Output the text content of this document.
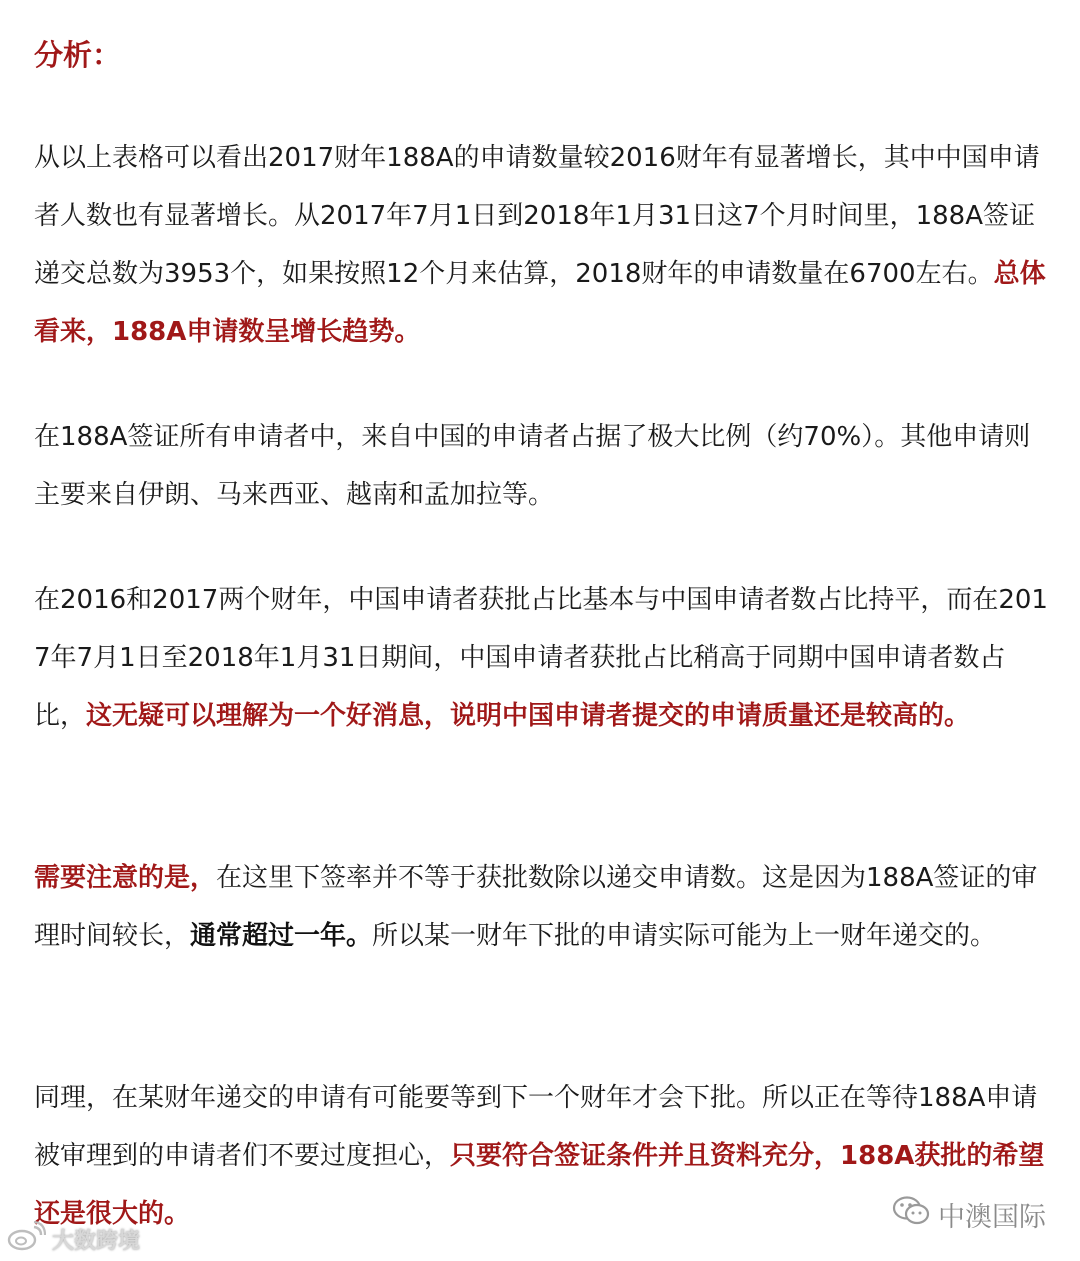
分析：

从以上表格可以看出2017财年188A的申请数量较2016财年有显著增长，其中中国申请者人数也有显著增长。从2017年7月1日到2018年1月31日这7个月时间里，188A签证递交总数为3953个，如果按照12个月来估算，2018财年的申请数量在6700左右。总体看来，188A申请数呈增长趋势。

在188A签证所有申请者中，来自中国的申请者占据了极大比例（约70%）。其他申请则主要来自伊朗、马来西亚、越南和孟加拉等。

在2016和2017两个财年，中国申请者获批占比基本与中国申请者数占比持平，而在2017年7月1日至2018年1月31日期间，中国申请者获批占比稍高于同期中国申请者数占比，这无疑可以理解为一个好消息，说明中国申请者提交的申请质量还是较高的。

需要注意的是，在这里下签率并不等于获批数除以递交申请数。这是因为188A签证的审理时间较长，通常超过一年。所以某一财年下批的申请实际可能为上一财年递交的。

同理，在某财年递交的申请有可能要等到下一个财年才会下批。所以正在等待188A申请被审理到的申请者们不要过度担心，只要符合签证条件并且资料充分，188A获批的希望还是很大的。	中澳国际
大数跨境
